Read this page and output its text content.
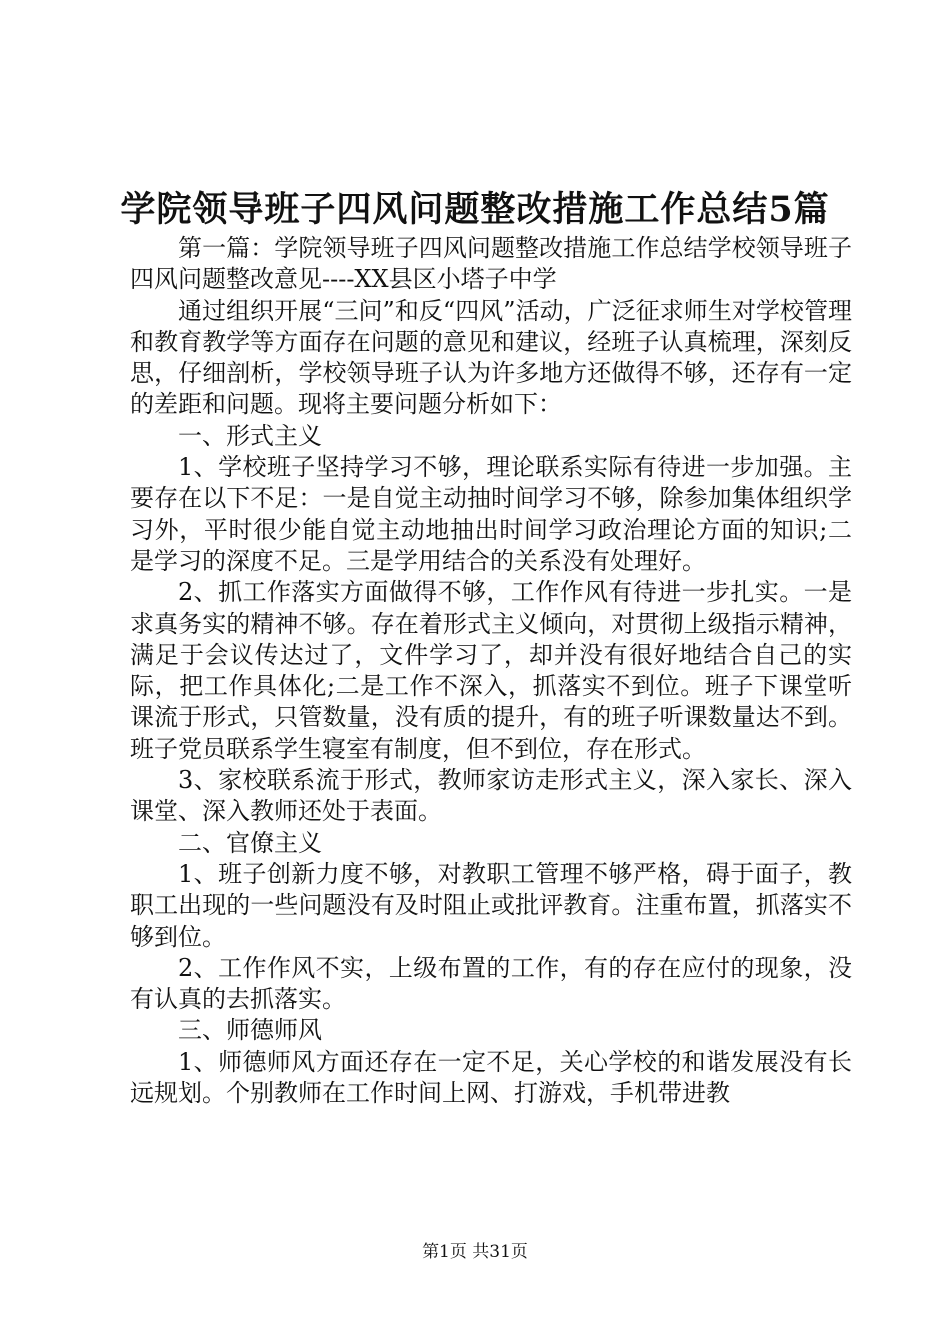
学院领导班子四风问题整改措施工作总结5篇

第一篇：学院领导班子四风问题整改措施工作总结学校领导班子四风问题整改意见----XX县区小塔子中学

通过组织开展“三问”和反“四风”活动，广泛征求师生对学校管理和教育教学等方面存在问题的意见和建议，经班子认真梳理，深刻反思，仔细剖析，学校领导班子认为许多地方还做得不够，还存有一定的差距和问题。现将主要问题分析如下：

一、形式主义

1、学校班子坚持学习不够，理论联系实际有待进一步加强。主要存在以下不足：一是自觉主动抽时间学习不够，除参加集体组织学习外，平时很少能自觉主动地抽出时间学习政治理论方面的知识;二是学习的深度不足。三是学用结合的关系没有处理好。

2、抓工作落实方面做得不够，工作作风有待进一步扎实。一是求真务实的精神不够。存在着形式主义倾向，对贯彻上级指示精神，满足于会议传达过了，文件学习了，却并没有很好地结合自己的实际，把工作具体化;二是工作不深入，抓落实不到位。班子下课堂听课流于形式，只管数量，没有质的提升，有的班子听课数量达不到。班子党员联系学生寝室有制度，但不到位，存在形式。

3、家校联系流于形式，教师家访走形式主义，深入家长、深入课堂、深入教师还处于表面。

二、官僚主义

1、班子创新力度不够，对教职工管理不够严格，碍于面子，教职工出现的一些问题没有及时阻止或批评教育。注重布置，抓落实不够到位。

2、工作作风不实，上级布置的工作，有的存在应付的现象，没有认真的去抓落实。

三、师德师风

1、师德师风方面还存在一定不足，关心学校的和谐发展没有长远规划。个别教师在工作时间上网、打游戏，手机带进教

第1页 共31页
